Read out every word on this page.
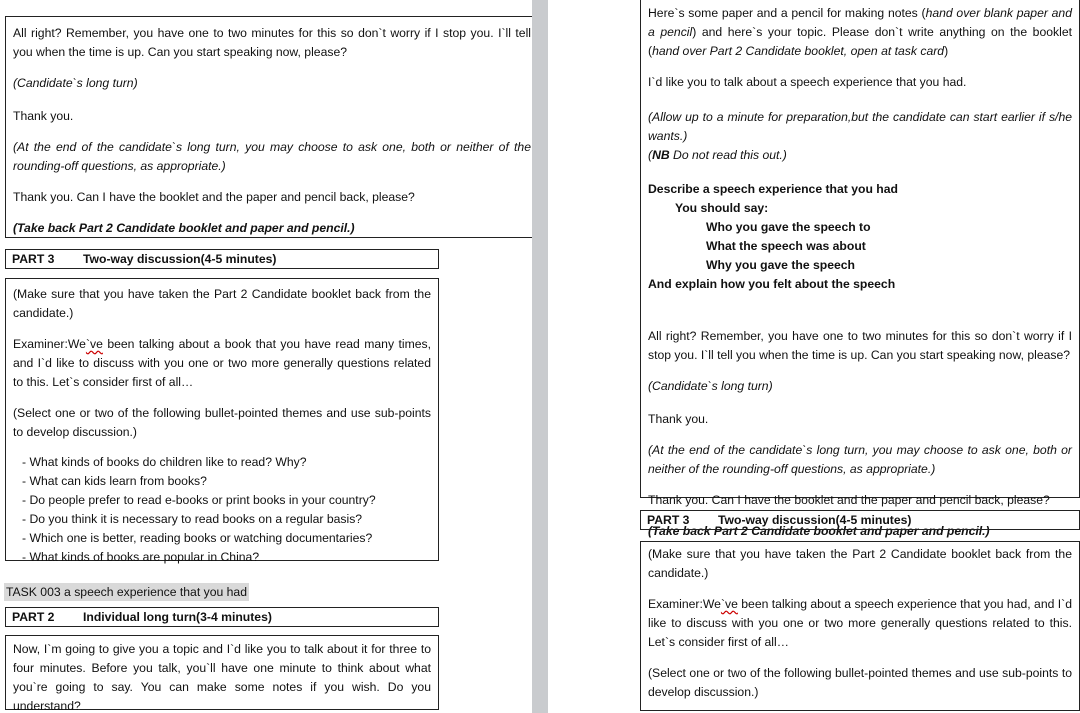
All right? Remember, you have one to two minutes for this so don`t worry if I stop you. I`ll tell you when the time is up. Can you start speaking now, please?

(Candidate`s long turn)

Thank you.

(At the end of the candidate`s long turn, you may choose to ask one, both or neither of the rounding-off questions, as appropriate.)

Thank you. Can I have the booklet and the paper and pencil back, please?

(Take back Part 2 Candidate booklet and paper and pencil.)

PART 3 Two-way discussion(4-5 minutes)

(Make sure that you have taken the Part 2 Candidate booklet back from the candidate.)

Examiner:We`ve been talking about a book that you have read many times, and I`d like to discuss with you one or two more generally questions related to this. Let`s consider first of all…

(Select one or two of the following bullet-pointed themes and use sub-points to develop discussion.)

- What kinds of books do children like to read? Why?

- What can kids learn from books?

- Do people prefer to read e-books or print books in your country?

- Do you think it is necessary to read books on a regular basis?

- Which one is better, reading books or watching documentaries?

- What kinds of books are popular in China?

TASK 003 a speech experience that you had
PART 2 Individual long turn(3-4 minutes)

Now, I`m going to give you a topic and I`d like you to talk about it for three to four minutes. Before you talk, you`ll have one minute to think about what you`re going to say. You can make some notes if you wish. Do you understand?

Here`s some paper and a pencil for making notes (hand over blank paper and a pencil) and here`s your topic. Please don`t write anything on the booklet (hand over Part 2 Candidate booklet, open at task card)

I`d like you to talk about a speech experience that you had.

(Allow up to a minute for preparation,but the candidate can start earlier if s/he wants.)

(NB Do not read this out.)

Describe a speech experience that you had

You should say:

Who you gave the speech to

What the speech was about

Why you gave the speech

And explain how you felt about the speech

All right? Remember, you have one to two minutes for this so don`t worry if I stop you. I`ll tell you when the time is up. Can you start speaking now, please?

(Candidate`s long turn)

Thank you.

(At the end of the candidate`s long turn, you may choose to ask one, both or neither of the rounding-off questions, as appropriate.)

Thank you. Can I have the booklet and the paper and pencil back, please?

(Take back Part 2 Candidate booklet and paper and pencil.)

PART 3 Two-way discussion(4-5 minutes)

(Make sure that you have taken the Part 2 Candidate booklet back from the candidate.)

Examiner:We`ve been talking about a speech experience that you had, and I`d like to discuss with you one or two more generally questions related to this. Let`s consider first of all…

(Select one or two of the following bullet-pointed themes and use sub-points to develop discussion.)
